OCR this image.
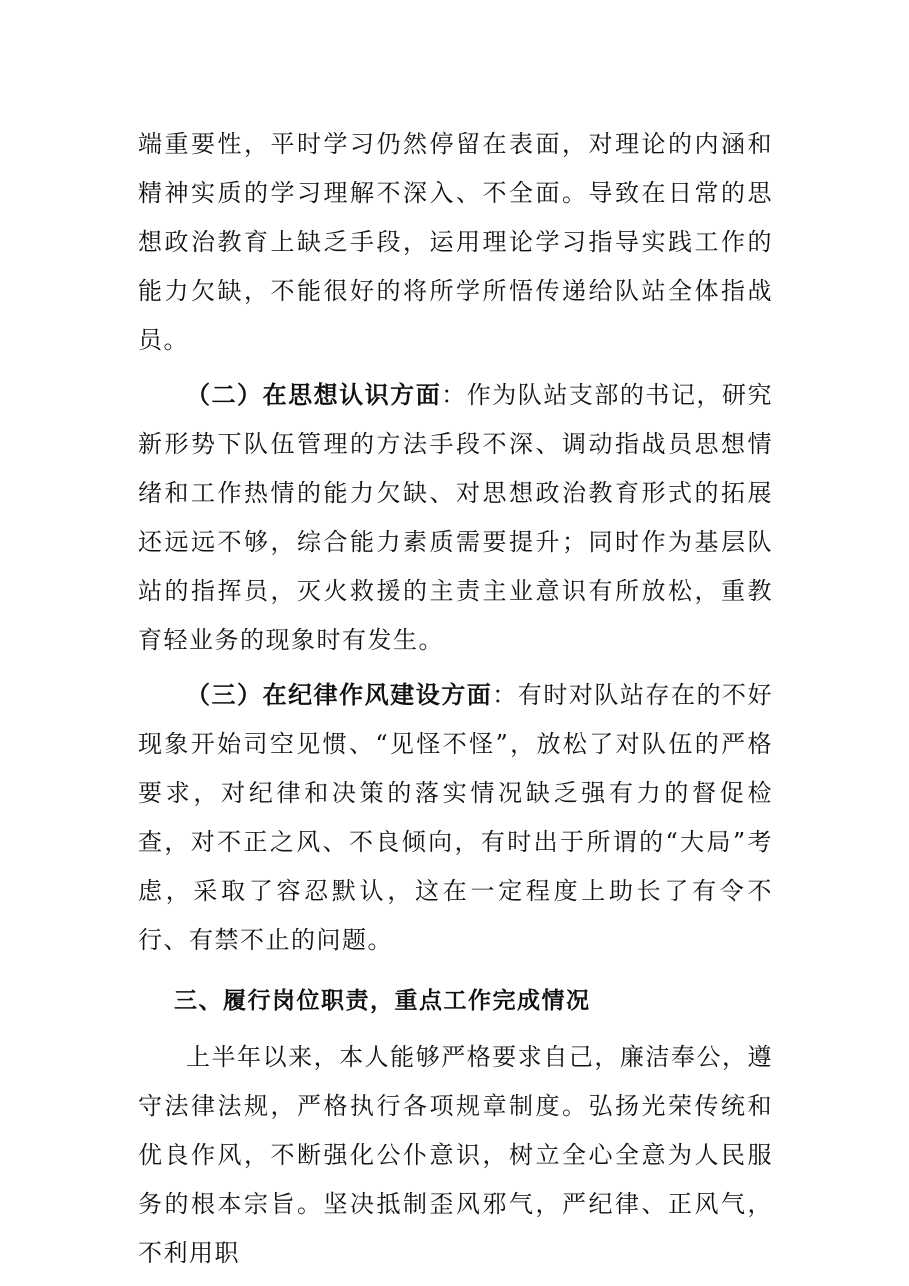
端重要性，平时学习仍然停留在表面，对理论的内涵和精神实质的学习理解不深入、不全面。导致在日常的思想政治教育上缺乏手段，运用理论学习指导实践工作的能力欠缺，不能很好的将所学所悟传递给队站全体指战员。

（二）在思想认识方面：作为队站支部的书记，研究新形势下队伍管理的方法手段不深、调动指战员思想情绪和工作热情的能力欠缺、对思想政治教育形式的拓展还远远不够，综合能力素质需要提升；同时作为基层队站的指挥员，灭火救援的主责主业意识有所放松，重教育轻业务的现象时有发生。

（三）在纪律作风建设方面：有时对队站存在的不好现象开始司空见惯、“见怪不怪”，放松了对队伍的严格要求，对纪律和决策的落实情况缺乏强有力的督促检查，对不正之风、不良倾向，有时出于所谓的“大局”考虑，采取了容忍默认，这在一定程度上助长了有令不行、有禁不止的问题。

三、履行岗位职责，重点工作完成情况

上半年以来，本人能够严格要求自己，廉洁奉公，遵守法律法规，严格执行各项规章制度。弘扬光荣传统和优良作风，不断强化公仆意识，树立全心全意为人民服务的根本宗旨。坚决抵制歪风邪气，严纪律、正风气，不利用职
